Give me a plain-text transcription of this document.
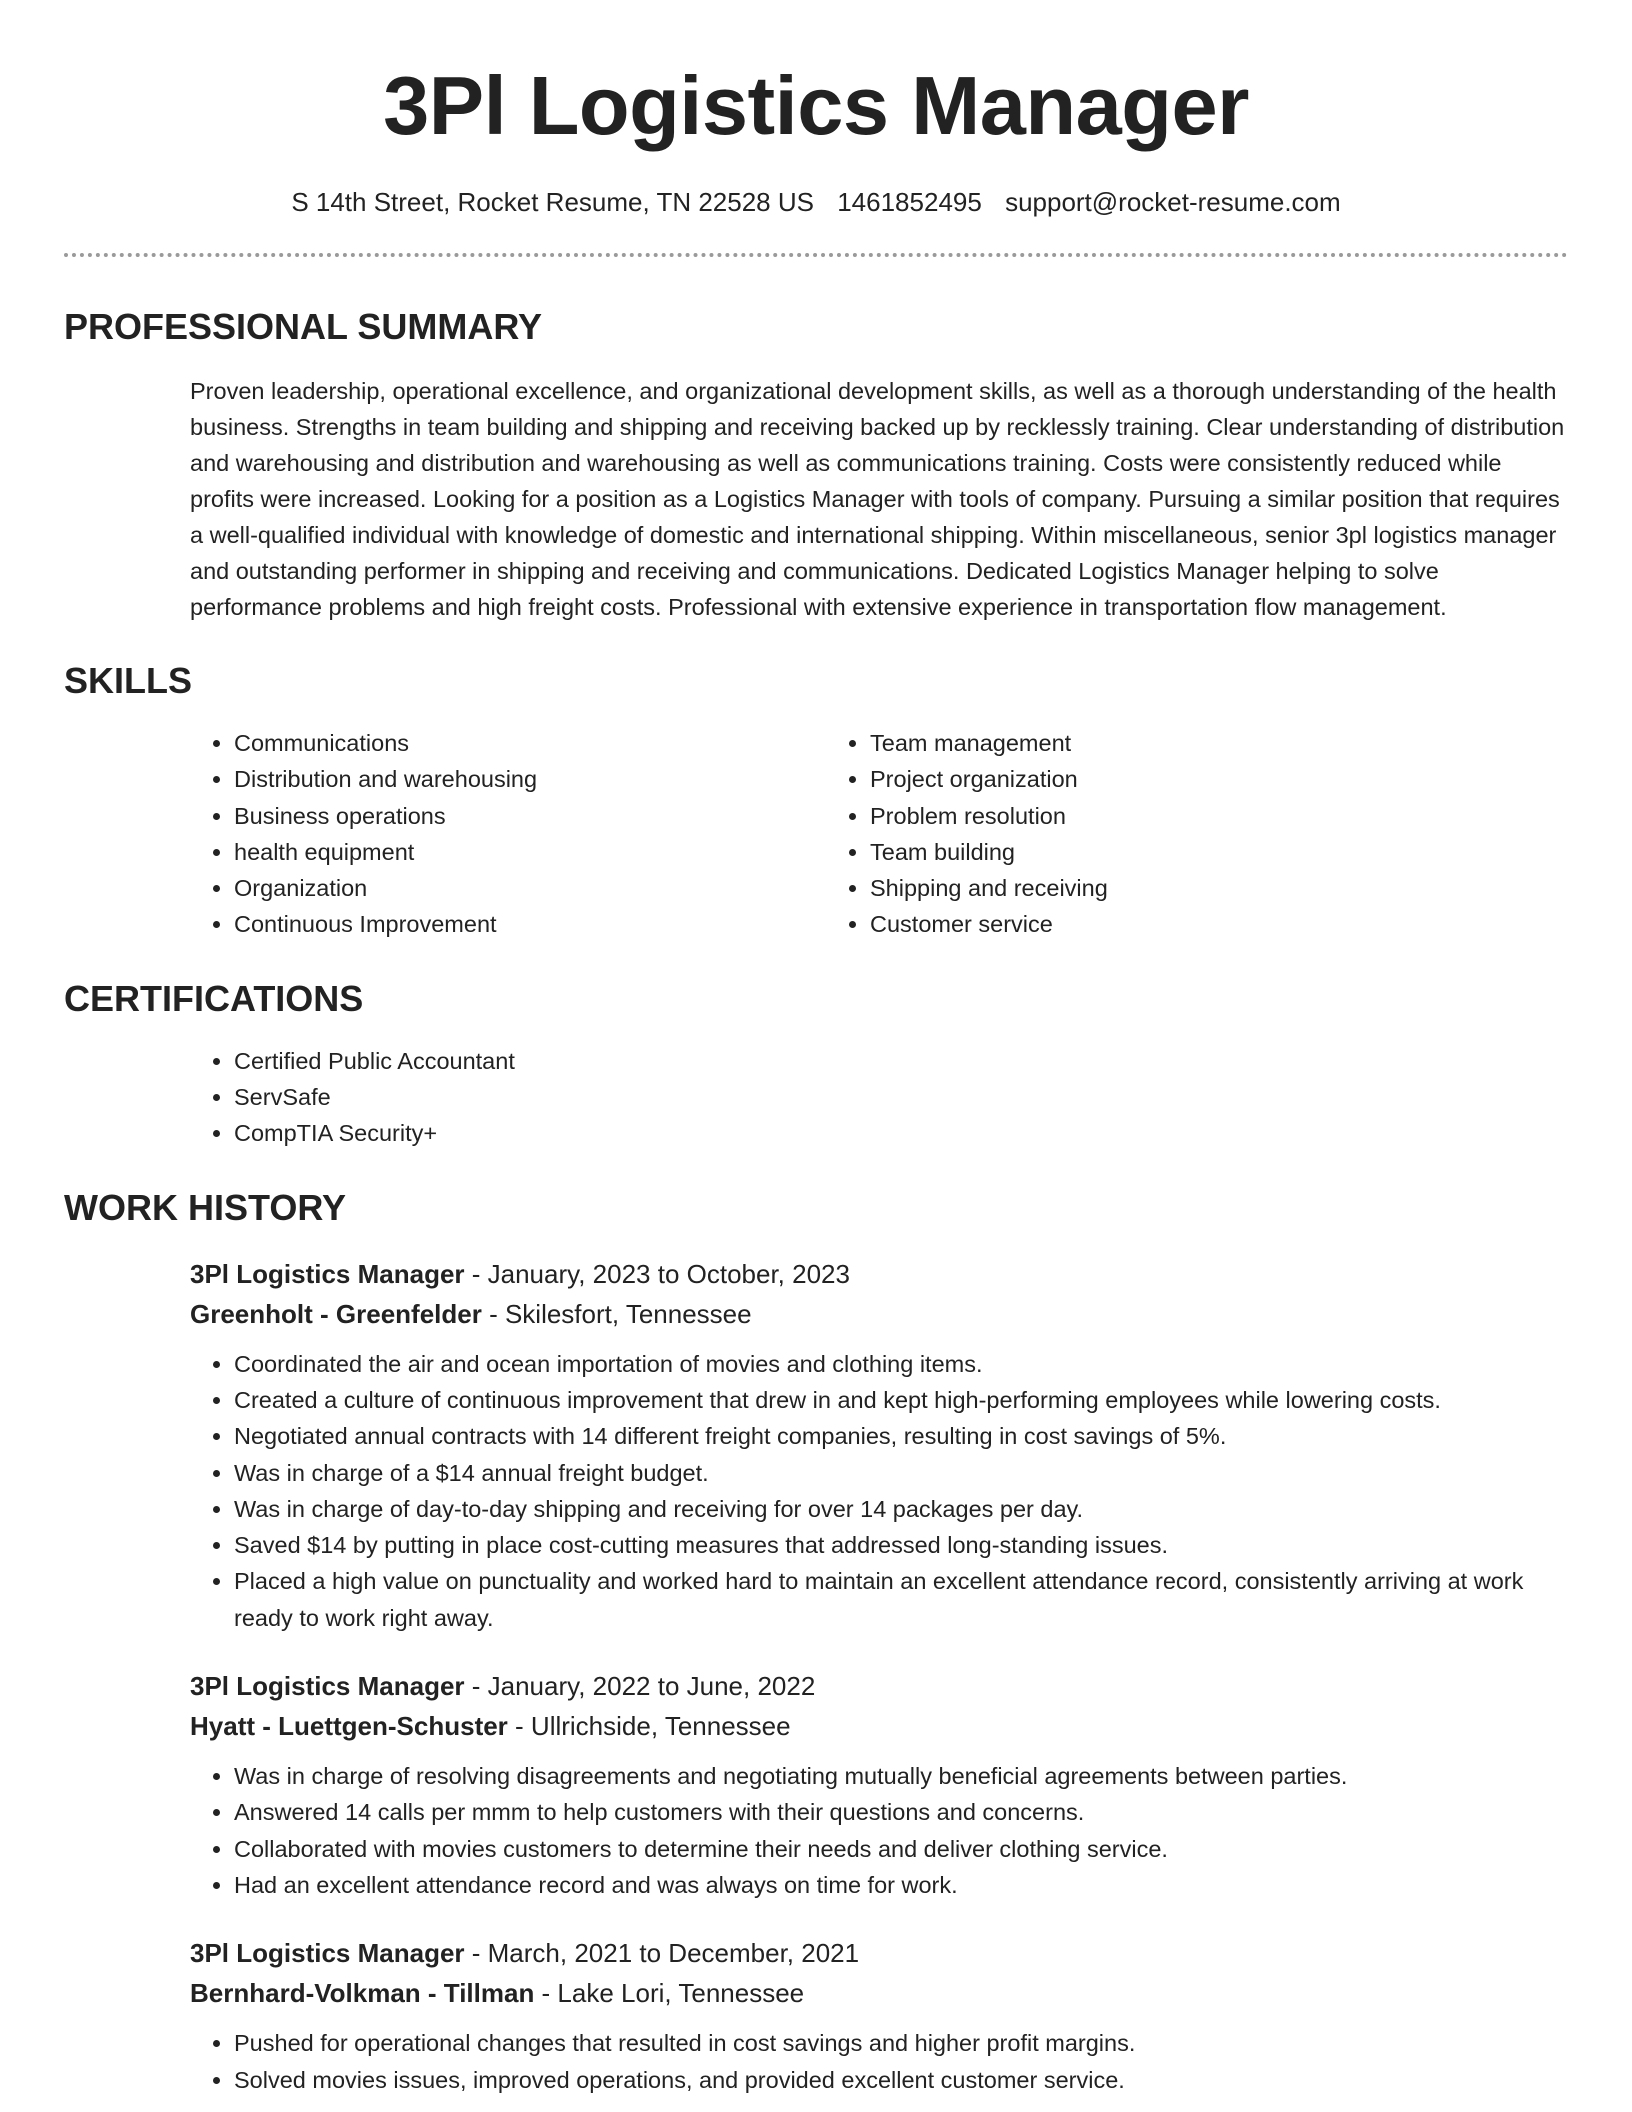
3Pl Logistics Manager
S 14th Street, Rocket Resume, TN 22528 US 1461852495 support@rocket-resume.com
PROFESSIONAL SUMMARY

Proven leadership, operational excellence, and organizational development skills, as well as a thorough understanding of the health business. Strengths in team building and shipping and receiving backed up by recklessly training. Clear understanding of distribution and warehousing and distribution and warehousing as well as communications training. Costs were consistently reduced while profits were increased. Looking for a position as a Logistics Manager with tools of company. Pursuing a similar position that requires a well-qualified individual with knowledge of domestic and international shipping. Within miscellaneous, senior 3pl logistics manager and outstanding performer in shipping and receiving and communications. Dedicated Logistics Manager helping to solve performance problems and high freight costs. Professional with extensive experience in transportation flow management.

SKILLS
• Communications
• Distribution and warehousing
• Business operations
• health equipment
• Organization
• Continuous Improvement
• Team management
• Project organization
• Problem resolution
• Team building
• Shipping and receiving
• Customer service
CERTIFICATIONS
• Certified Public Accountant
• ServSafe
• CompTIA Security+
WORK HISTORY
3Pl Logistics Manager - January, 2023 to October, 2023
Greenholt - Greenfelder - Skilesfort, Tennessee
• Coordinated the air and ocean importation of movies and clothing items.
• Created a culture of continuous improvement that drew in and kept high-performing employees while lowering costs.
• Negotiated annual contracts with 14 different freight companies, resulting in cost savings of 5%.
• Was in charge of a $14 annual freight budget.
• Was in charge of day-to-day shipping and receiving for over 14 packages per day.
• Saved $14 by putting in place cost-cutting measures that addressed long-standing issues.
• Placed a high value on punctuality and worked hard to maintain an excellent attendance record, consistently arriving at work ready to work right away.
3Pl Logistics Manager - January, 2022 to June, 2022
Hyatt - Luettgen-Schuster - Ullrichside, Tennessee
• Was in charge of resolving disagreements and negotiating mutually beneficial agreements between parties.
• Answered 14 calls per mmm to help customers with their questions and concerns.
• Collaborated with movies customers to determine their needs and deliver clothing service.
• Had an excellent attendance record and was always on time for work.
3Pl Logistics Manager - March, 2021 to December, 2021
Bernhard-Volkman - Tillman - Lake Lori, Tennessee
• Pushed for operational changes that resulted in cost savings and higher profit margins.
• Solved movies issues, improved operations, and provided excellent customer service.
